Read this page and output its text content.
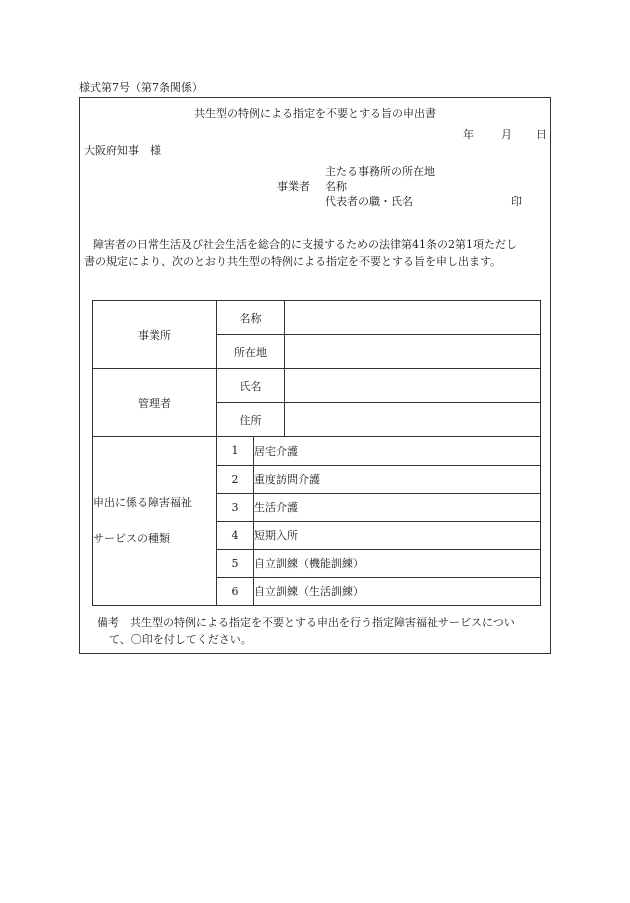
様式第7号（第7条関係）
共生型の特例による指定を不要とする旨の申出書
年 月 日
大阪府知事　様
主たる事務所の所在地
事業者 名称
代表者の職・氏名	印
障害者の日常生活及び社会生活を総合的に支援するための法律第41条の2第1項ただし
書の規定により、次のとおり共生型の特例による指定を不要とする旨を申し出ます。
事業所	名称		
	所在地		
管理者	氏名		
	住所		
申出に係る障害福祉
サービスの種類	1	居宅介護	
	2	重度訪問介護	
	3	生活介護	
	4	短期入所	
	5	自立訓練（機能訓練）	
	6	自立訓練（生活訓練）	
備考　共生型の特例による指定を不要とする申出を行う指定障害福祉サービスについ
て、〇印を付してください。
